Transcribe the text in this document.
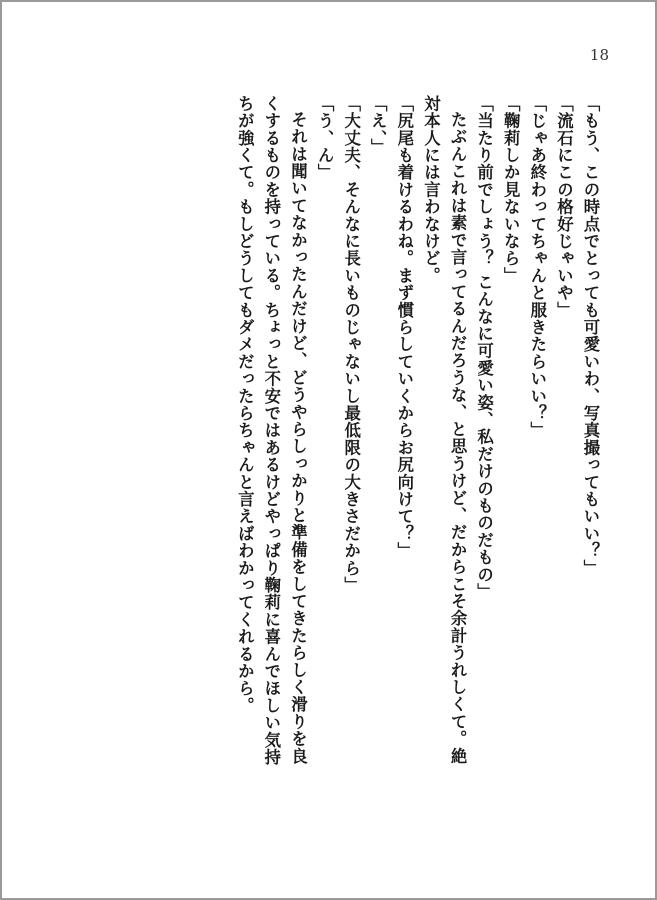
18
「もう、この時点でとっても可愛いわ、写真撮ってもいい？」
「流石にこの格好じゃいや」
「じゃあ終わってちゃんと服きたらいい？」
「鞠莉しか見ないなら」
「当たり前でしょう？ こんなに可愛い姿、私だけのものだもの」
たぶんこれは素で言ってるんだろうな、と思うけど、だからこそ余計うれしくて。絶
対本人には言わなけど。
「尻尾も着けるわね。まず慣らしていくからお尻向けて？」
「え、」
「大丈夫、そんなに長いものじゃないし最低限の大きさだから」
「う、ん」
それは聞いてなかったんだけど、どうやらしっかりと準備をしてきたらしく滑りを良
くするものを持っている。ちょっと不安ではあるけどやっぱり鞠莉に喜んでほしい気持
ちが強くて。もしどうしてもダメだったらちゃんと言えばわかってくれるから。
